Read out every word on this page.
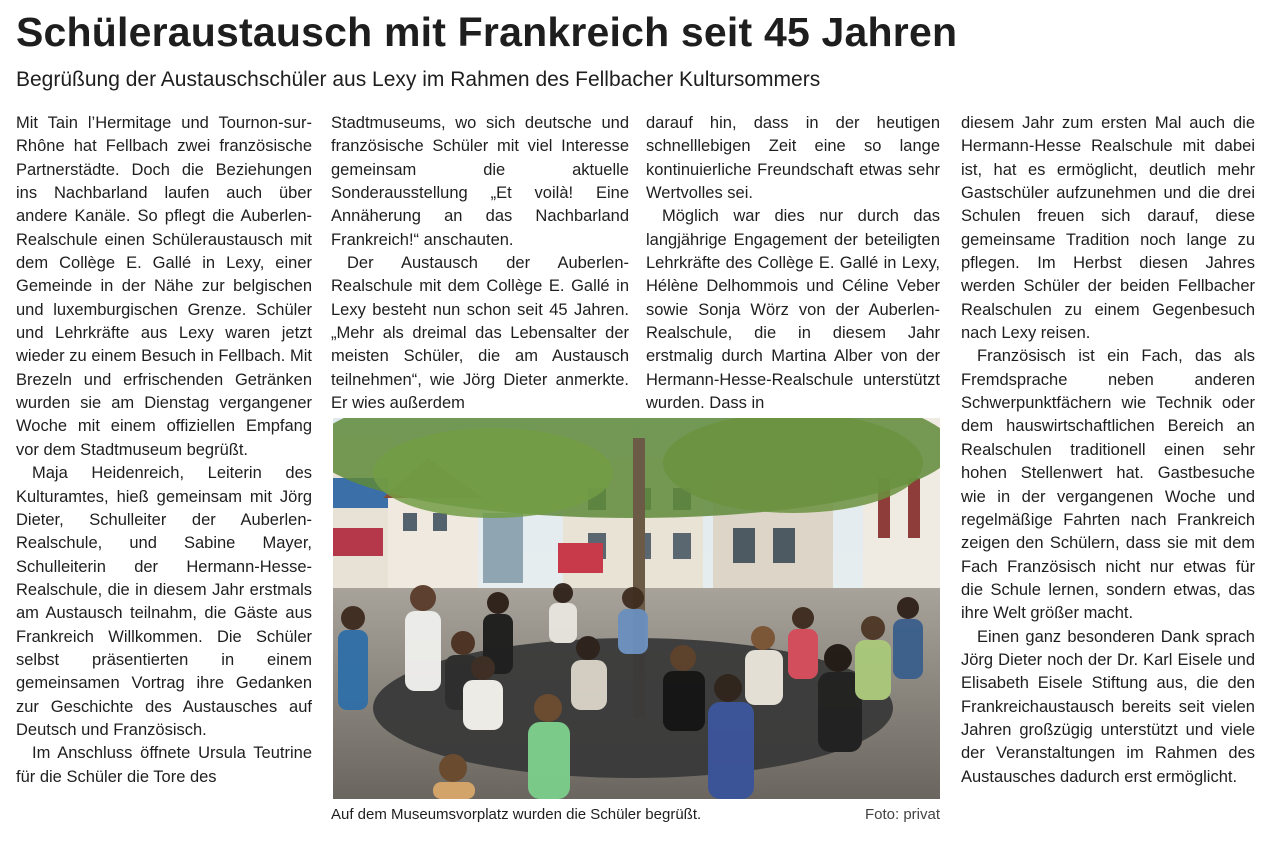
Schüleraustausch mit Frankreich seit 45 Jahren
Begrüßung der Austauschschüler aus Lexy im Rahmen des Fellbacher Kultursommers

Mit Tain l’Hermitage und Tournon-sur-Rhône hat Fellbach zwei französische Partnerstädte. Doch die Beziehungen ins Nachbarland laufen auch über andere Kanäle. So pflegt die Auberlen-Realschule einen Schüleraustausch mit dem Collège E. Gallé in Lexy, einer Gemeinde in der Nähe zur belgischen und luxemburgischen Grenze. Schüler und Lehrkräfte aus Lexy waren jetzt wieder zu einem Besuch in Fellbach. Mit Brezeln und erfrischenden Getränken wurden sie am Dienstag vergangener Woche mit einem offiziellen Empfang vor dem Stadtmuseum begrüßt.

Maja Heidenreich, Leiterin des Kulturamtes, hieß gemeinsam mit Jörg Dieter, Schulleiter der Auberlen-Realschule, und Sabine Mayer, Schulleiterin der Hermann-Hesse-Realschule, die in diesem Jahr erstmals am Austausch teilnahm, die Gäste aus Frankreich Willkommen. Die Schüler selbst präsentierten in einem gemeinsamen Vortrag ihre Gedanken zur Geschichte des Austausches auf Deutsch und Französisch.

Im Anschluss öffnete Ursula Teutrine für die Schüler die Tore des

Stadtmuseums, wo sich deutsche und französische Schüler mit viel Interesse gemeinsam die aktuelle Sonderausstellung „Et voilà! Eine Annäherung an das Nachbarland Frankreich!“ anschauten.

Der Austausch der Auberlen-Realschule mit dem Collège E. Gallé in Lexy besteht nun schon seit 45 Jahren. „Mehr als dreimal das Lebensalter der meisten Schüler, die am Austausch teilnehmen“, wie Jörg Dieter anmerkte. Er wies außerdem

darauf hin, dass in der heutigen schnelllebigen Zeit eine so lange kontinuierliche Freundschaft etwas sehr Wertvolles sei.

Möglich war dies nur durch das langjährige Engagement der beteiligten Lehrkräfte des Collège E. Gallé in Lexy, Hélène Delhommois und Céline Veber sowie Sonja Wörz von der Auberlen-Realschule, die in diesem Jahr erstmalig durch Martina Alber von der Hermann-Hesse-Realschule unterstützt wurden. Dass in

diesem Jahr zum ersten Mal auch die Hermann-Hesse Realschule mit dabei ist, hat es ermöglicht, deutlich mehr Gastschüler aufzunehmen und die drei Schulen freuen sich darauf, diese gemeinsame Tradition noch lange zu pflegen. Im Herbst diesen Jahres werden Schüler der beiden Fellbacher Realschulen zu einem Gegenbesuch nach Lexy reisen.

Französisch ist ein Fach, das als Fremdsprache neben anderen Schwerpunktfächern wie Technik oder dem hauswirtschaftlichen Bereich an Realschulen traditionell einen sehr hohen Stellenwert hat. Gastbesuche wie in der vergangenen Woche und regelmäßige Fahrten nach Frankreich zeigen den Schülern, dass sie mit dem Fach Französisch nicht nur etwas für die Schule lernen, sondern etwas, das ihre Welt größer macht.

Einen ganz besonderen Dank sprach Jörg Dieter noch der Dr. Karl Eisele und Elisabeth Eisele Stiftung aus, die den Frankreichaustausch bereits seit vielen Jahren großzügig unterstützt und viele der Veranstaltungen im Rahmen des Austausches dadurch erst ermöglicht.

Auf dem Museumsvorplatz wurden die Schüler begrüßt.	Foto: privat
